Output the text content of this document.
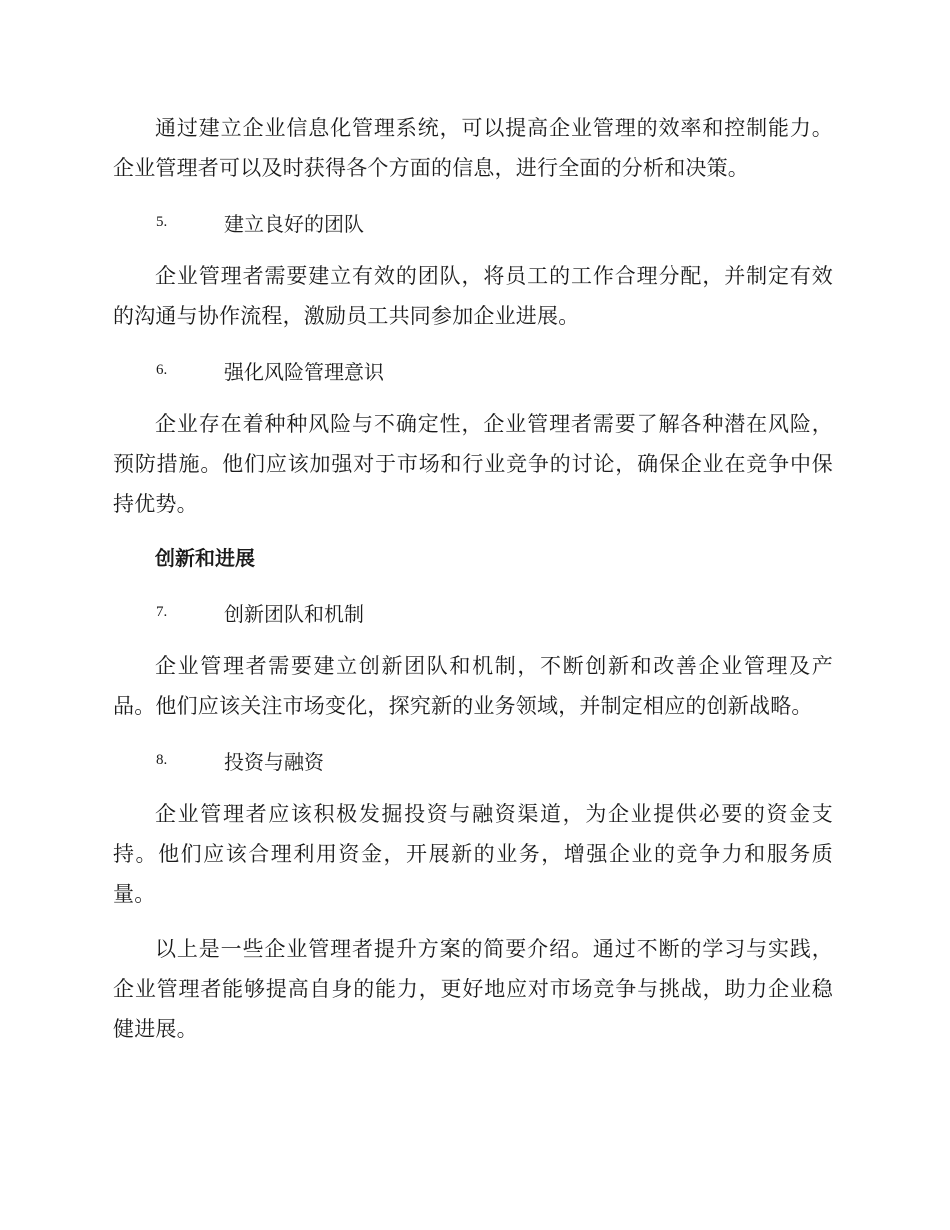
通过建立企业信息化管理系统，可以提高企业管理的效率和控制能力。企业管理者可以及时获得各个方面的信息，进行全面的分析和决策。

5.	建立良好的团队

企业管理者需要建立有效的团队，将员工的工作合理分配，并制定有效的沟通与协作流程，激励员工共同参加企业进展。

6.	强化风险管理意识

企业存在着种种风险与不确定性，企业管理者需要了解各种潜在风险，预防措施。他们应该加强对于市场和行业竞争的讨论，确保企业在竞争中保持优势。

创新和进展
7.	创新团队和机制

企业管理者需要建立创新团队和机制，不断创新和改善企业管理及产品。他们应该关注市场变化，探究新的业务领域，并制定相应的创新战略。

8.	投资与融资

企业管理者应该积极发掘投资与融资渠道，为企业提供必要的资金支持。他们应该合理利用资金，开展新的业务，增强企业的竞争力和服务质量。

以上是一些企业管理者提升方案的简要介绍。通过不断的学习与实践，企业管理者能够提高自身的能力，更好地应对市场竞争与挑战，助力企业稳健进展。
